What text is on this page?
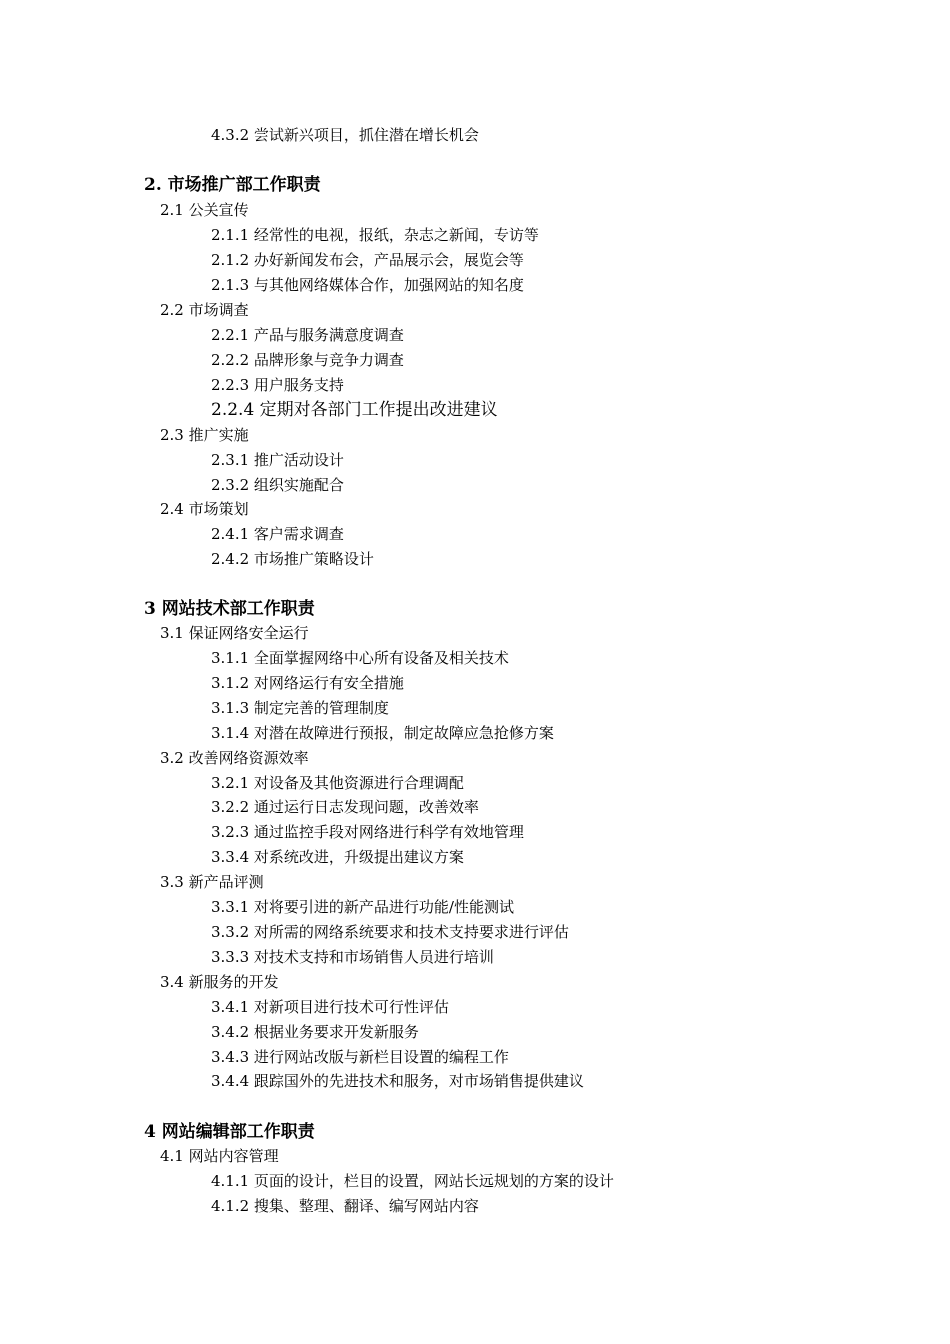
4.3.2 尝试新兴项目，抓住潜在增长机会
2. 市场推广部工作职责
2.1 公关宣传
2.1.1 经常性的电视，报纸，杂志之新闻，专访等
2.1.2 办好新闻发布会，产品展示会，展览会等
2.1.3 与其他网络媒体合作，加强网站的知名度
2.2 市场调查
2.2.1 产品与服务满意度调查
2.2.2 品牌形象与竞争力调查
2.2.3 用户服务支持
2.2.4 定期对各部门工作提出改进建议
2.3 推广实施
2.3.1 推广活动设计
2.3.2 组织实施配合
2.4 市场策划
2.4.1 客户需求调查
2.4.2 市场推广策略设计
3 网站技术部工作职责
3.1 保证网络安全运行
3.1.1 全面掌握网络中心所有设备及相关技术
3.1.2 对网络运行有安全措施
3.1.3 制定完善的管理制度
3.1.4 对潜在故障进行预报，制定故障应急抢修方案
3.2 改善网络资源效率
3.2.1 对设备及其他资源进行合理调配
3.2.2 通过运行日志发现问题，改善效率
3.2.3 通过监控手段对网络进行科学有效地管理
3.3.4 对系统改进，升级提出建议方案
3.3 新产品评测
3.3.1 对将要引进的新产品进行功能/性能测试
3.3.2 对所需的网络系统要求和技术支持要求进行评估
3.3.3 对技术支持和市场销售人员进行培训
3.4 新服务的开发
3.4.1 对新项目进行技术可行性评估
3.4.2 根据业务要求开发新服务
3.4.3 进行网站改版与新栏目设置的编程工作
3.4.4 跟踪国外的先进技术和服务，对市场销售提供建议
4 网站编辑部工作职责
4.1 网站内容管理
4.1.1 页面的设计，栏目的设置，网站长远规划的方案的设计
4.1.2 搜集、整理、翻译、编写网站内容
